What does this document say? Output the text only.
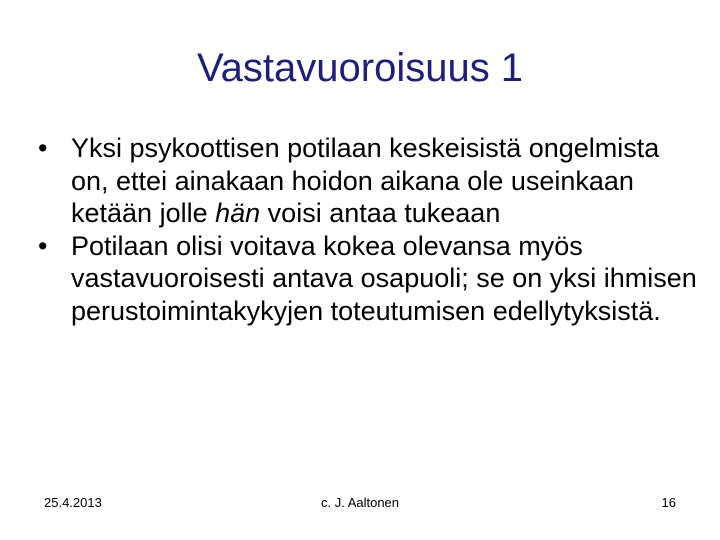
Vastavuoroisuus 1

• Yksi psykoottisen potilaan keskeisistä ongelmista on, ettei ainakaan hoidon aikana ole useinkaan ketään jolle hän voisi antaa tukeaan

• Potilaan olisi voitava kokea olevansa myös vastavuoroisesti antava osapuoli; se on yksi ihmisen perustoimintakykyjen toteutumisen edellytyksistä.

25.4.2013	c. J. Aaltonen	16
